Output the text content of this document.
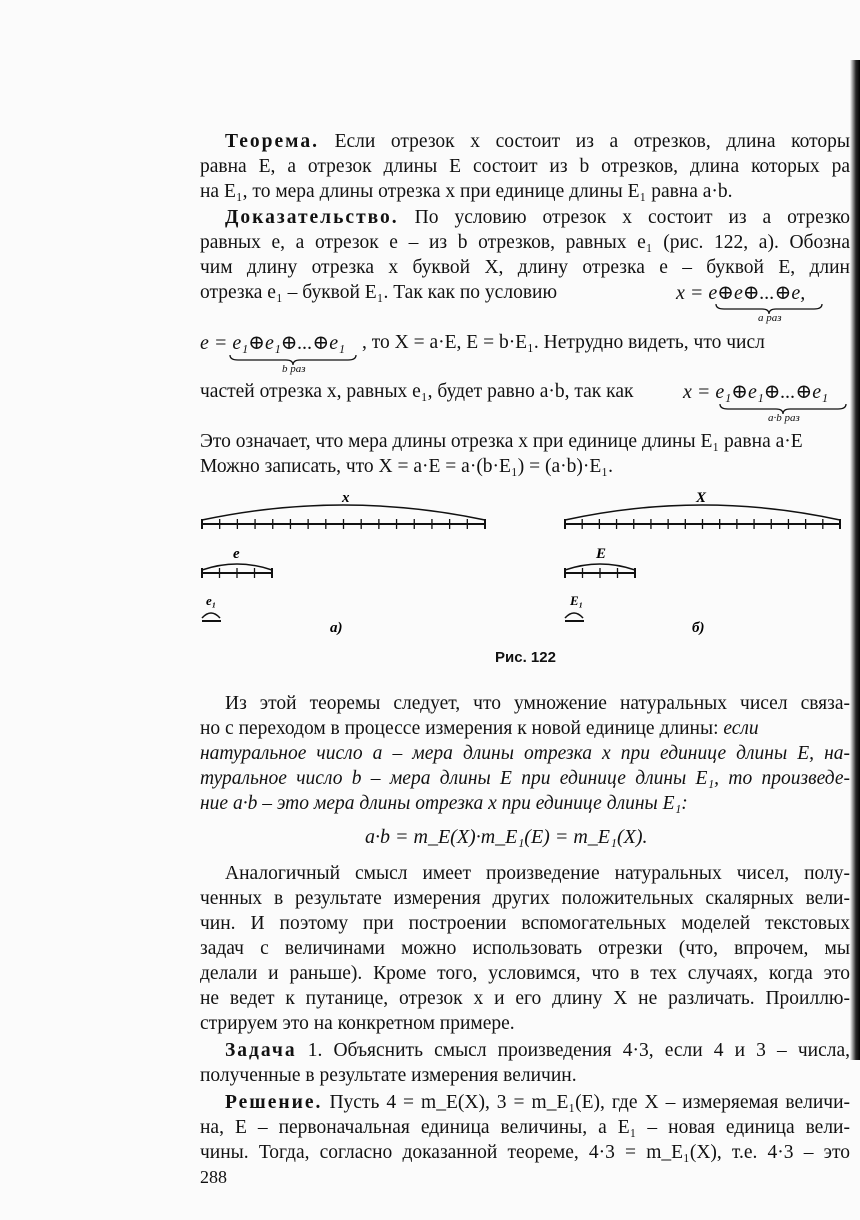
Теорема. Если отрезок x состоит из a отрезков, длина которы
равна E, а отрезок длины E состоит из b отрезков, длина которых ра
на E₁, то мера длины отрезка x при единице длины E₁ равна a·b.
Доказательство. По условию отрезок x состоит из a отрезко
равных e, а отрезок e – из b отрезков, равных e₁ (рис. 122, а). Обозна
чим длину отрезка x буквой X, длину отрезка e – буквой E, длин
отрезка e₁ – буквой E₁. Так как по условию	x = e⊕e⊕...⊕e,
a раз
e = e₁⊕e₁⊕...⊕e₁ , то X = a·E, E = b·E₁. Нетрудно видеть, что числ
b раз
частей отрезка x, равных e₁, будет равно a·b, так как	x = e₁⊕e₁⊕...⊕e₁
a·b раз
Это означает, что мера длины отрезка x при единице длины E₁ равна a·E
Можно записать, что X = a·E = a·(b·E₁) = (a·b)·E₁.
x
e
e₁
X
E
E₁
а)	б)
Рис. 122
Из этой теоремы следует, что умножение натуральных чисел связа-
но с переходом в процессе измерения к новой единице длины: если
натуральное число a – мера длины отрезка x при единице длины E, на-
туральное число b – мера длины E при единице длины E₁, то произведе-
ние a·b – это мера длины отрезка x при единице длины E₁:
a·b = m_E(X)·m_E₁(E) = m_E₁(X).
Аналогичный смысл имеет произведение натуральных чисел, полу-
ченных в результате измерения других положительных скалярных вели-
чин. И поэтому при построении вспомогательных моделей текстовых
задач с величинами можно использовать отрезки (что, впрочем, мы
делали и раньше). Кроме того, условимся, что в тех случаях, когда это
не ведет к путанице, отрезок x и его длину X не различать. Проиллю-
стрируем это на конкретном примере.
Задача 1. Объяснить смысл произведения 4·3, если 4 и 3 – числа,
полученные в результате измерения величин.
Решение. Пусть 4 = m_E(X), 3 = m_E₁(E), где X – измеряемая величи-
на, E – первоначальная единица величины, а E₁ – новая единица вели-
чины. Тогда, согласно доказанной теореме, 4·3 = m_E₁(X), т.е. 4·3 – это
288
